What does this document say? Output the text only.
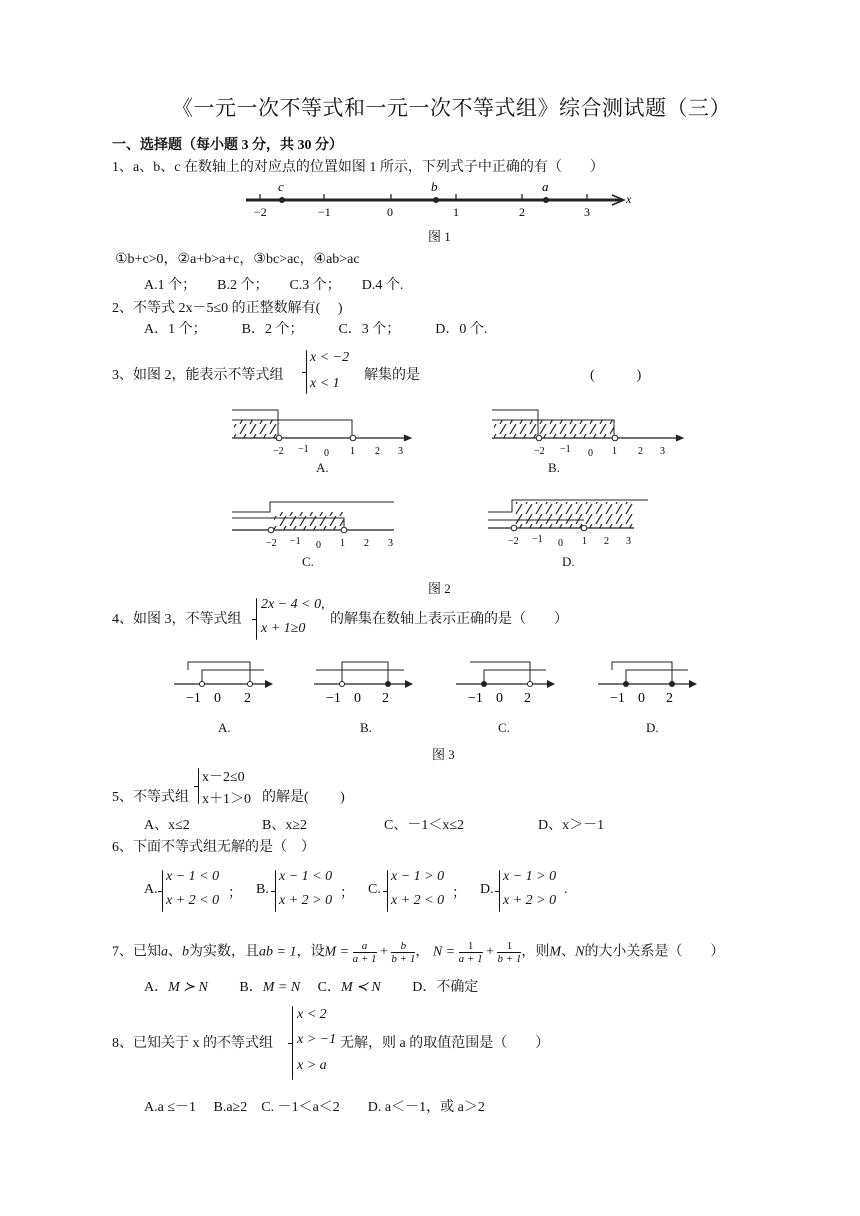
《一元一次不等式和一元一次不等式组》综合测试题（三）
一、选择题（每小题 3 分，共 30 分）
1、a、b、c 在数轴上的对应点的位置如图 1 所示，下列式子中正确的有（　　）
−2	−1	0	1	2	3
c	b	a
x
图 1
①b+c>0，②a+b>a+c，③bc>ac，④ab>ac
A.1 个；　　B.2 个；　　C.3 个；　　D.4 个.
2、不等式 2x－5≤0 的正整数解有(　 )
A．1 个；　　　B．2 个；　　　C．3 个；　　　D．0 个.
3、如图 2，能表示不等式组
x < −2
x < 1
解集的是	(　　　)
−2 −1 0 1 2 3
A.
−2 −1 0 1 2 3
B.
−2 −1 0 1 2 3
C.
−2 −1 0 1 2 3
D.
图 2
4、如图 3，不等式组
2x − 4 < 0,
x + 1≥0
的解集在数轴上表示正确的是（　　）
−1 0 2
A.
−1 0 2
B.
−1 0 2
C.
−1 0 2
D.
图 3
5、不等式组
x－2≤0
x＋1＞0 的解是(　　 )
A、x≤2	B、x≥2	C、－1＜x≤2	D、x＞－1
6、下面不等式组无解的是（　）
A.
x − 1 < 0
x + 2 < 0 ； B.
x − 1 < 0
x + 2 > 0 ； C.
x − 1 > 0
x + 2 < 0 ； D.
x − 1 > 0
x + 2 > 0
.
7、已知a、b为实数，且ab = 1，设$M = \frac{a}{a + 1} + \frac{b}{b + 1}$ ， $N = \frac{1}{a + 1} + \frac{1}{b + 1}$ ，则M、N的大小关系是（　　）
A．M ≻ N　　 B．M = N　 C．M ≺ N　　 D．不确定
8、已知关于 x 的不等式组
x < 2
x > −1
x > a
无解，则 a 的取值范围是（　　）
A.a ≤－1　 B.a≥2　C. －1＜a＜2　　D. a＜－1，或 a＞2
